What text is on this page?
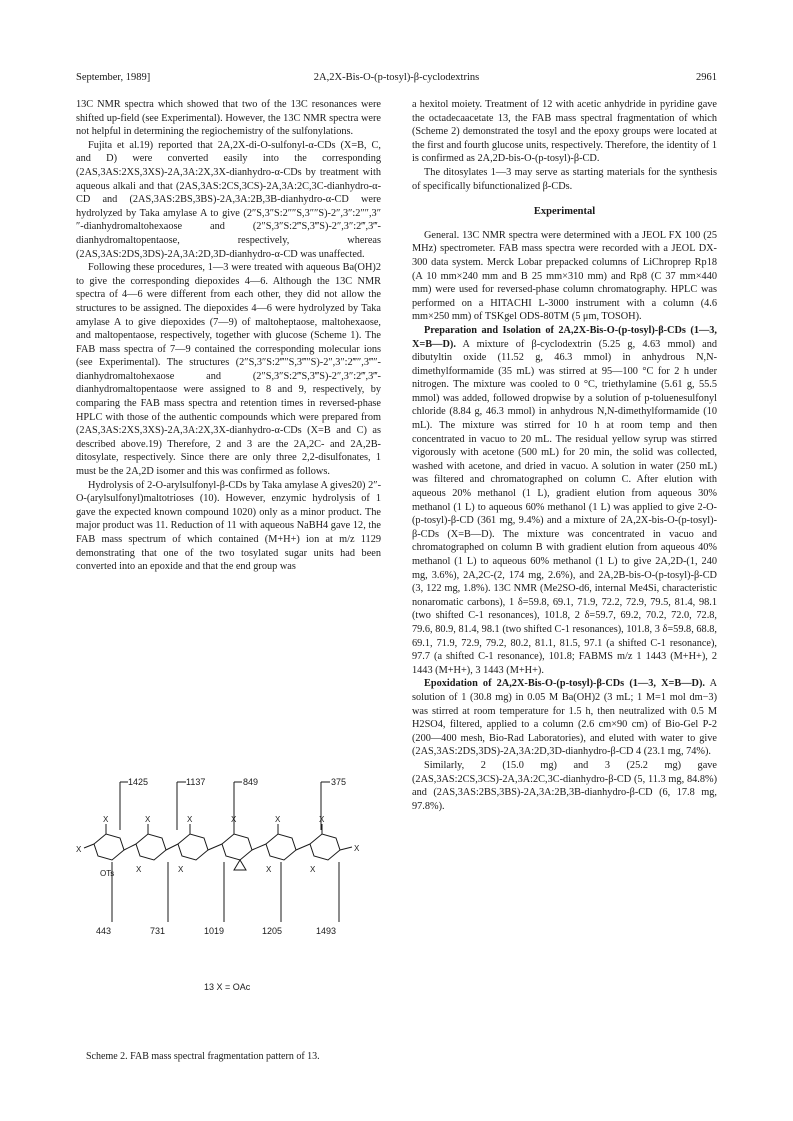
September, 1989]	2A,2X-Bis-O-(p-tosyl)-β-cyclodextrins	2961

13C NMR spectra which showed that two of the 13C resonances were shifted up-field (see Experimental). However, the 13C NMR spectra were not helpful in determining the regiochemistry of the sulfonylations.

Fujita et al.19) reported that 2A,2X-di-O-sulfonyl-α-CDs (X=B, C, and D) were converted easily into the corresponding (2AS,3AS:2XS,3XS)-2A,3A:2X,3X-dianhydro-α-CDs by treatment with aqueous alkali and that (2AS,3AS:2CS,3CS)-2A,3A:2C,3C-dianhydro-α-CD and (2AS,3AS:2BS,3BS)-2A,3A:2B,3B-dianhydro-α-CD were hydrolyzed by Taka amylase A to give (2″S,3″S:2″″S,3″″S)-2″,3″:2″″,3″″-dianhydromaltohexaose and (2″S,3″S:2‴S,3‴S)-2″,3″:2‴,3‴-dianhydromaltopentaose, respectively, whereas (2AS,3AS:2DS,3DS)-2A,3A:2D,3D-dianhydro-α-CD was unaffected.

Following these procedures, 1—3 were treated with aqueous Ba(OH)2 to give the corresponding diepoxides 4—6. Although the 13C NMR spectra of 4—6 were different from each other, they did not allow the structures to be assigned. The diepoxides 4—6 were hydrolyzed by Taka amylase A to give diepoxides (7—9) of maltoheptaose, maltohexaose, and maltopentaose, respectively, together with glucose (Scheme 1). The FAB mass spectra of 7—9 contained the corresponding molecular ions (see Experimental). The structures (2″S,3″S:2‴″S,3‴″S)-2″,3″:2‴″,3‴″-dianhydromaltohexaose and (2″S,3″S:2‴S,3‴S)-2″,3″:2‴,3‴-dianhydromaltopentaose were assigned to 8 and 9, respectively, by comparing the FAB mass spectra and retention times in reversed-phase HPLC with those of the authentic compounds which were prepared from (2AS,3AS:2XS,3XS)-2A,3A:2X,3X-dianhydro-α-CDs (X=B and C) as described above.19) Therefore, 2 and 3 are the 2A,2C- and 2A,2B-ditosylate, respectively. Since there are only three 2,2-disulfonates, 1 must be the 2A,2D isomer and this was confirmed as follows.

Hydrolysis of 2-O-arylsulfonyl-β-CDs by Taka amylase A gives20) 2″-O-(arylsulfonyl)maltotrioses (10). However, enzymic hydrolysis of 1 gave the expected known compound 1020) only as a minor product. The major product was 11. Reduction of 11 with aqueous NaBH4 gave 12, the FAB mass spectrum of which contained (M+H+) ion at m/z 1129 demonstrating that one of the two tosylated sugar units had been converted into an epoxide and that the end group was

a hexitol moiety. Treatment of 12 with acetic anhydride in pyridine gave the octadecaacetate 13, the FAB mass spectral fragmentation of which (Scheme 2) demonstrated the tosyl and the epoxy groups were located at the first and fourth glucose units, respectively. Therefore, the identity of 1 is confirmed as 2A,2D-bis-O-(p-tosyl)-β-CD.

The ditosylates 1—3 may serve as starting materials for the synthesis of specifically bifunctionalized β-CDs.

Experimental

General. 13C NMR spectra were determined with a JEOL FX 100 (25 MHz) spectrometer. FAB mass spectra were recorded with a JEOL DX-300 data system. Merck Lobar prepacked columns of LiChroprep Rp18 (A 10 mm×240 mm and B 25 mm×310 mm) and Rp8 (C 37 mm×440 mm) were used for reversed-phase column chromatography. HPLC was performed on a HITACHI L-3000 instrument with a column (4.6 mm×250 mm) of TSKgel ODS-80TM (5 μm, TOSOH).

Preparation and Isolation of 2A,2X-Bis-O-(p-tosyl)-β-CDs (1—3, X=B—D). A mixture of β-cyclodextrin (5.25 g, 4.63 mmol) and dibutyltin oxide (11.52 g, 46.3 mmol) in anhydrous N,N-dimethylformamide (35 mL) was stirred at 95—100 °C for 2 h under nitrogen. The mixture was cooled to 0 °C, triethylamine (5.61 g, 55.5 mmol) was added, followed dropwise by a solution of p-toluenesulfonyl chloride (8.84 g, 46.3 mmol) in anhydrous N,N-dimethylformamide (10 mL). The mixture was stirred for 10 h at room temp and then concentrated in vacuo to 20 mL. The residual yellow syrup was stirred vigorously with acetone (500 mL) for 20 min, the solid was collected, washed with acetone, and dried in vacuo. A solution in water (250 mL) was filtered and chromatographed on column C. After elution with aqueous 20% methanol (1 L), gradient elution from aqueous 30% methanol (1 L) to aqueous 60% methanol (1 L) was applied to give 2-O-(p-tosyl)-β-CD (361 mg, 9.4%) and a mixture of 2A,2X-bis-O-(p-tosyl)-β-CDs (X=B—D). The mixture was concentrated in vacuo and chromatographed on column B with gradient elution from aqueous 40% methanol (1 L) to aqueous 60% methanol (1 L) to give 2A,2D-(1, 240 mg, 3.6%), 2A,2C-(2, 174 mg, 2.6%), and 2A,2B-bis-O-(p-tosyl)-β-CD (3, 122 mg, 1.8%). 13C NMR (Me2SO-d6, internal Me4Si, characteristic nonaromatic carbons), 1 δ=59.8, 69.1, 71.9, 72.2, 72.9, 79.5, 81.4, 98.1 (two shifted C-1 resonances), 101.8, 2 δ=59.7, 69.2, 70.2, 72.0, 72.8, 79.6, 80.9, 81.4, 98.1 (two shifted C-1 resonances), 101.8, 3 δ=59.8, 68.8, 69.1, 71.9, 72.9, 79.2, 80.2, 81.1, 81.5, 97.1 (a shifted C-1 resonance), 97.7 (a shifted C-1 resonance), 101.8; FABMS m/z 1 1443 (M+H+), 2 1443 (M+H+), 3 1443 (M+H+).

Epoxidation of 2A,2X-Bis-O-(p-tosyl)-β-CDs (1—3, X=B—D). A solution of 1 (30.8 mg) in 0.05 M Ba(OH)2 (3 mL; 1 M=1 mol dm−3) was stirred at room temperature for 1.5 h, then neutralized with 0.5 M H2SO4, filtered, applied to a column (2.6 cm×90 cm) of Bio-Gel P-2 (200—400 mesh, Bio-Rad Laboratories), and eluted with water to give (2AS,3AS:2DS,3DS)-2A,3A:2D,3D-dianhydro-β-CD 4 (23.1 mg, 74%).

Similarly, 2 (15.0 mg) and 3 (25.2 mg) gave (2AS,3AS:2CS,3CS)-2A,3A:2C,3C-dianhydro-β-CD (5, 11.3 mg, 84.8%) and (2AS,3AS:2BS,3BS)-2A,3A:2B,3B-dianhydro-β-CD (6, 17.8 mg, 97.8%).

1425	1137	849	375
X	X	X	X	X	X
X	X
X	X	X	X
OTs
443	731	1019	1205	1493
13 X = OAc
Scheme 2. FAB mass spectral fragmentation pattern of 13.
